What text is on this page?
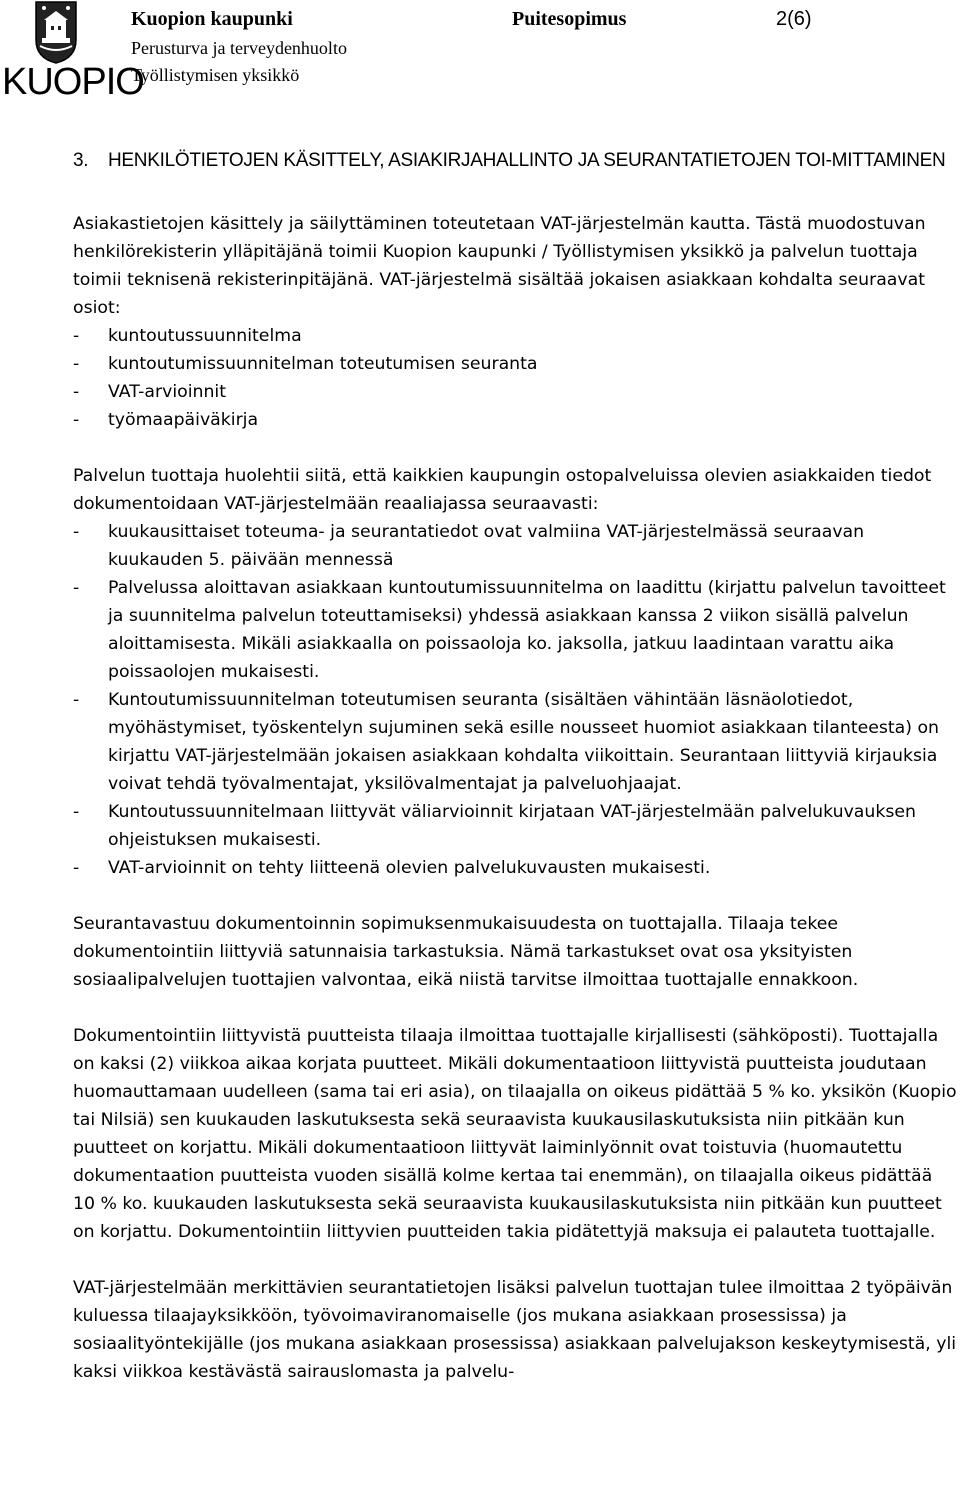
KUOPIO
Kuopion kaupunki	Puitesopimus	2(6)
Perusturva ja terveydenhuolto
Työllistymisen yksikkö
3. HENKILÖTIETOJEN KÄSITTELY, ASIAKIRJAHALLINTO JA SEURANTATIETOJEN TOI-MITTAMINEN

Asiakastietojen käsittely ja säilyttäminen toteutetaan VAT-järjestelmän kautta. Tästä muodostuvan henkilörekisterin ylläpitäjänä toimii Kuopion kaupunki / Työllistymisen yksikkö ja palvelun tuottaja toimii teknisenä rekisterinpitäjänä. VAT-järjestelmä sisältää jokaisen asiakkaan kohdalta seuraavat osiot:

- kuntoutussuunnitelma
- kuntoutumissuunnitelman toteutumisen seuranta
- VAT-arvioinnit
- työmaapäiväkirja

Palvelun tuottaja huolehtii siitä, että kaikkien kaupungin ostopalveluissa olevien asiakkaiden tiedot dokumentoidaan VAT-järjestelmään reaaliajassa seuraavasti:

- kuukausittaiset toteuma- ja seurantatiedot ovat valmiina VAT-järjestelmässä seuraavan kuukauden 5. päivään mennessä
- Palvelussa aloittavan asiakkaan kuntoutumissuunnitelma on laadittu (kirjattu palvelun tavoitteet ja suunnitelma palvelun toteuttamiseksi) yhdessä asiakkaan kanssa 2 viikon sisällä palvelun aloittamisesta. Mikäli asiakkaalla on poissaoloja ko. jaksolla, jatkuu laadintaan varattu aika poissaolojen mukaisesti.
- Kuntoutumissuunnitelman toteutumisen seuranta (sisältäen vähintään läsnäolotiedot, myöhästymiset, työskentelyn sujuminen sekä esille nousseet huomiot asiakkaan tilanteesta) on kirjattu VAT-järjestelmään jokaisen asiakkaan kohdalta viikoittain. Seurantaan liittyviä kirjauksia voivat tehdä työvalmentajat, yksilövalmentajat ja palveluohjaajat.
- Kuntoutussuunnitelmaan liittyvät väliarvioinnit kirjataan VAT-järjestelmään palvelukuvauksen ohjeistuksen mukaisesti.
- VAT-arvioinnit on tehty liitteenä olevien palvelukuvausten mukaisesti.

Seurantavastuu dokumentoinnin sopimuksenmukaisuudesta on tuottajalla. Tilaaja tekee dokumentointiin liittyviä satunnaisia tarkastuksia. Nämä tarkastukset ovat osa yksityisten sosiaalipalvelujen tuottajien valvontaa, eikä niistä tarvitse ilmoittaa tuottajalle ennakkoon.

Dokumentointiin liittyvistä puutteista tilaaja ilmoittaa tuottajalle kirjallisesti (sähköposti). Tuottajalla on kaksi (2) viikkoa aikaa korjata puutteet. Mikäli dokumentaatioon liittyvistä puutteista joudutaan huomauttamaan uudelleen (sama tai eri asia), on tilaajalla on oikeus pidättää 5 % ko. yksikön (Kuopio tai Nilsiä) sen kuukauden laskutuksesta sekä seuraavista kuukausilaskutuksista niin pitkään kun puutteet on korjattu. Mikäli dokumentaatioon liittyvät laiminlyönnit ovat toistuvia (huomautettu dokumentaation puutteista vuoden sisällä kolme kertaa tai enemmän), on tilaajalla oikeus pidättää 10 % ko. kuukauden laskutuksesta sekä seuraavista kuukausilaskutuksista niin pitkään kun puutteet on korjattu. Dokumentointiin liittyvien puutteiden takia pidätettyjä maksuja ei palauteta tuottajalle.

VAT-järjestelmään merkittävien seurantatietojen lisäksi palvelun tuottajan tulee ilmoittaa 2 työpäivän kuluessa tilaajayksikköön, työvoimaviranomaiselle (jos mukana asiakkaan prosessissa) ja sosiaalityöntekijälle (jos mukana asiakkaan prosessissa) asiakkaan palvelujakson keskeytymisestä, yli kaksi viikkoa kestävästä sairauslomasta ja palvelu-
